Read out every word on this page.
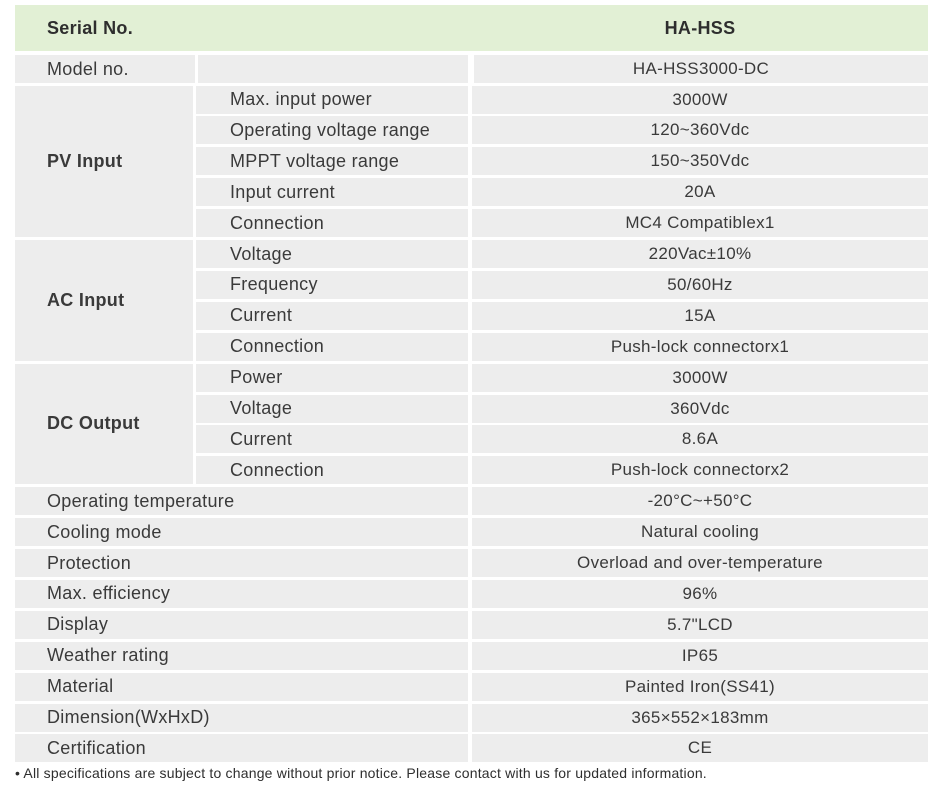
Serial No.	HA-HSS
Model no.	HA-HSS3000-DC
PV Input
Max. input power	3000W
Operating voltage range	120~360Vdc
MPPT voltage range	150~350Vdc
Input current	20A
Connection	MC4 Compatiblex1
AC Input
Voltage	220Vac±10%
Frequency	50/60Hz
Current	15A
Connection	Push-lock connectorx1
DC Output
Power	3000W
Voltage	360Vdc
Current	8.6A
Connection	Push-lock connectorx2
Operating temperature	-20°C~+50°C
Cooling mode	Natural cooling
Protection	Overload and over-temperature
Max. efficiency	96%
Display	5.7"LCD
Weather rating	IP65
Material	Painted Iron(SS41)
Dimension(WxHxD)	365×552×183mm
Certification	CE
• All specifications are subject to change without prior notice. Please contact with us for updated information.
